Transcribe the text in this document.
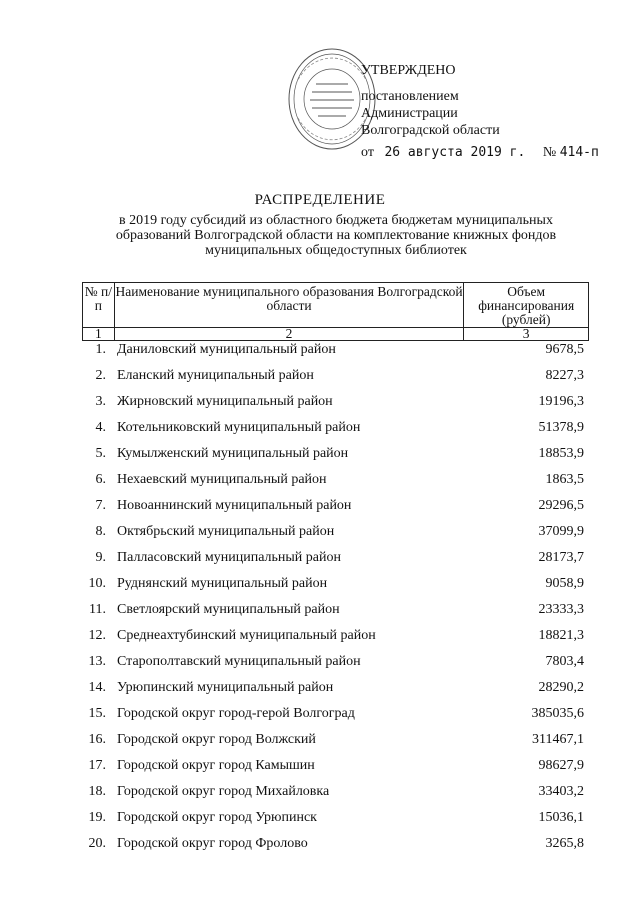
УТВЕРЖДЕНО
постановлением
Администрации
Волгоградской области
от 26 августа 2019 г. № 414-п
РАСПРЕДЕЛЕНИЕ
в 2019 году субсидий из областного бюджета бюджетам муниципальных образований Волгоградской области на комплектование книжных фондов муниципальных общедоступных библиотек
№ п/п	Наименование муниципального образования Волгоградской области	Объем финансирования (рублей)
1	2	3
1. Даниловский муниципальный район	9678,5
2. Еланский муниципальный район	8227,3
3. Жирновский муниципальный район	19196,3
4. Котельниковский муниципальный район	51378,9
5. Кумылженский муниципальный район	18853,9
6. Нехаевский муниципальный район	1863,5
7. Новоаннинский муниципальный район	29296,5
8. Октябрьский муниципальный район	37099,9
9. Палласовский муниципальный район	28173,7
10. Руднянский муниципальный район	9058,9
11. Светлоярский муниципальный район	23333,3
12. Среднеахтубинский муниципальный район	18821,3
13. Старополтавский муниципальный район	7803,4
14. Урюпинский муниципальный район	28290,2
15. Городской округ город-герой Волгоград	385035,6
16. Городской округ город Волжский	311467,1
17. Городской округ город Камышин	98627,9
18. Городской округ город Михайловка	33403,2
19. Городской округ город Урюпинск	15036,1
20. Городской округ город Фролово	3265,8
